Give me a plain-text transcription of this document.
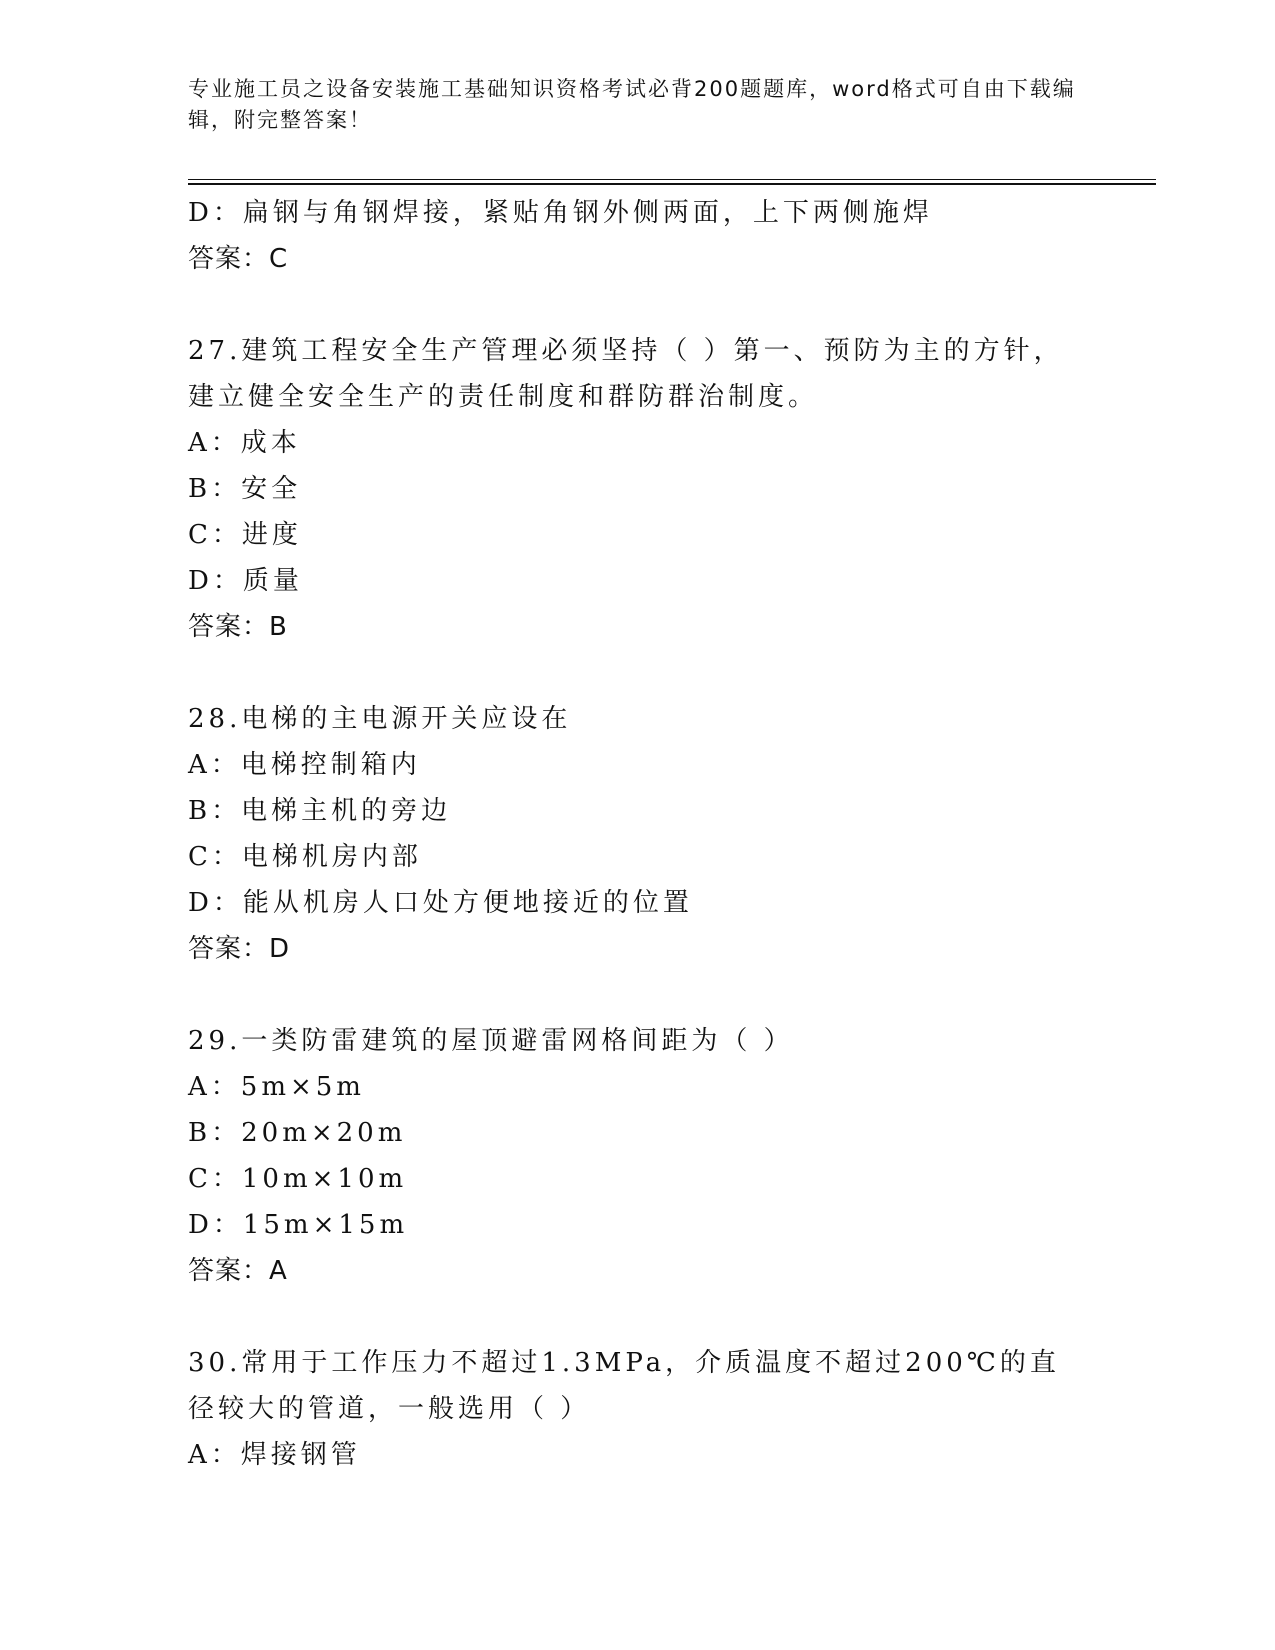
专业施工员之设备安装施工基础知识资格考试必背200题题库，word格式可自由下载编辑，附完整答案！
D：扁钢与角钢焊接，紧贴角钢外侧两面，上下两侧施焊
答案：C
27.建筑工程安全生产管理必须坚持（ ）第一、预防为主的方针，建立健全安全生产的责任制度和群防群治制度。
A：成本
B：安全
C：进度
D：质量
答案：B
28.电梯的主电源开关应设在
A：电梯控制箱内
B：电梯主机的旁边
C：电梯机房内部
D：能从机房人口处方便地接近的位置
答案：D
29.一类防雷建筑的屋顶避雷网格间距为（ ）
A：5m×5m
B：20m×20m
C：10m×10m
D：15m×15m
答案：A
30.常用于工作压力不超过1.3MPa，介质温度不超过200℃的直径较大的管道，一般选用（ ）
A：焊接钢管
